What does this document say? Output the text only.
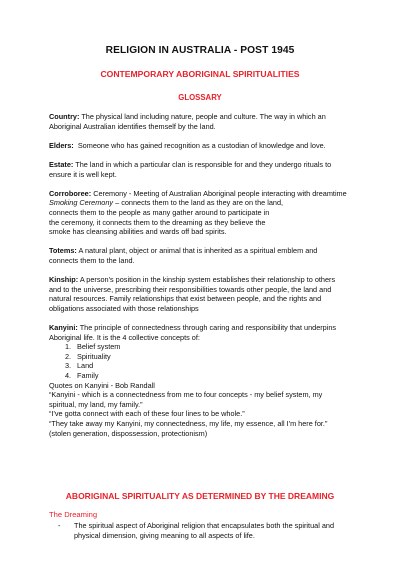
RELIGION IN AUSTRALIA - POST 1945
CONTEMPORARY ABORIGINAL SPIRITUALITIES
GLOSSARY
Country: The physical land including nature, people and culture. The way in which an
Aboriginal Australian identifies themself by the land.
Elders: Someone who has gained recognition as a custodian of knowledge and love.
Estate: The land in which a particular clan is responsible for and they undergo rituals to
ensure it is well kept.
Corroboree: Ceremony - Meeting of Australian Aboriginal people interacting with dreamtime
Smoking Ceremony – connects them to the land as they are on the land,
connects them to the people as many gather around to participate in
the ceremony, it connects them to the dreaming as they believe the
smoke has cleansing abilities and wards off bad spirits.
Totems: A natural plant, object or animal that is inherited as a spiritual emblem and
connects them to the land.
Kinship: A person's position in the kinship system establishes their relationship to others
and to the universe, prescribing their responsibilities towards other people, the land and
natural resources. Family relationships that exist between people, and the rights and
obligations associated with those relationships
Kanyini: The principle of connectedness through caring and responsibility that underpins
Aboriginal life. It is the 4 collective concepts of:
1. Belief system
2. Spirituality
3. Land
4. Family
Quotes on Kanyini - Bob Randall
“Kanyini - which is a connectedness from me to four concepts - my belief system, my
spiritual, my land, my family.”
“I've gotta connect with each of these four lines to be whole.”
“They take away my Kanyini, my connectedness, my life, my essence, all I'm here for.”
(stolen generation, dispossession, protectionism)
ABORIGINAL SPIRITUALITY AS DETERMINED BY THE DREAMING
The Dreaming
- The spiritual aspect of Aboriginal religion that encapsulates both the spiritual and
physical dimension, giving meaning to all aspects of life.
